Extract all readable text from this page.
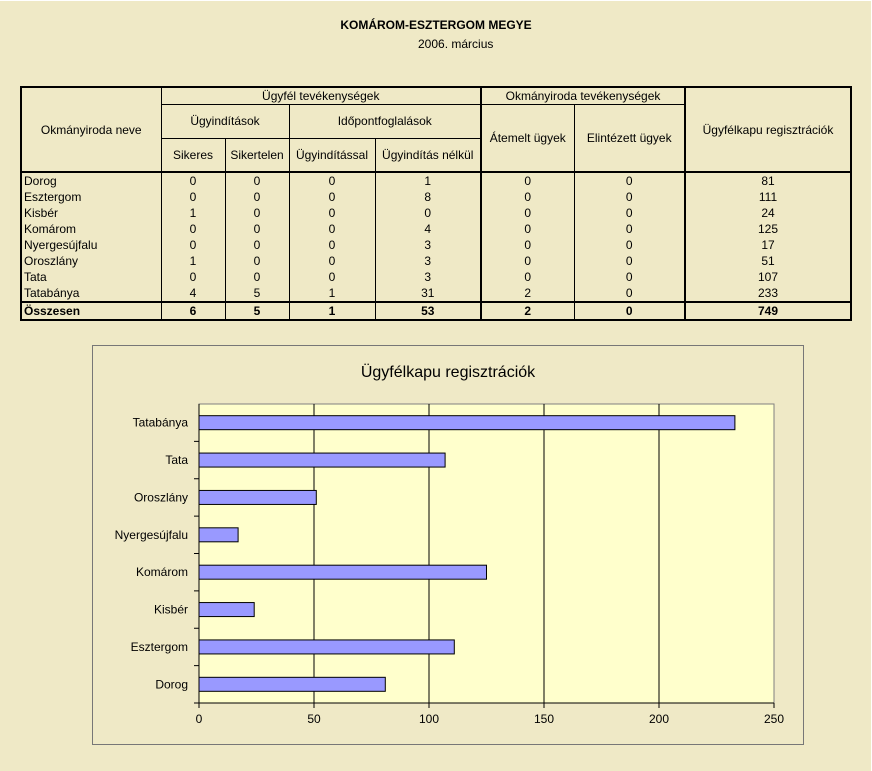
KOMÁROM-ESZTERGOM MEGYE
2006. március
Okmányiroda neve	Ügyfél tevékenységek				Okmányiroda tevékenységek		Ügyfélkapu regisztrációk
	Ügyindítások		Időpontfoglalások		Átemelt ügyek	Elintézett ügyek	
	Sikeres	Sikertelen	Ügyindítással	Ügyindítás nélkül			
Dorog	0	0	0	1	0	0	81
Esztergom	0	0	0	8	0	0	111
Kisbér	1	0	0	0	0	0	24
Komárom	0	0	0	4	0	0	125
Nyergesújfalu	0	0	0	3	0	0	17
Oroszlány	1	0	0	3	0	0	51
Tata	0	0	0	3	0	0	107
Tatabánya	4	5	1	31	2	0	233
Összesen	6	5	1	53	2	0	749
Ügyfélkapu regisztrációk
0	50	100	150	200	250
Dorog
Esztergom
Kisbér
Komárom
Nyergesújfalu
Oroszlány
Tata
Tatabánya
